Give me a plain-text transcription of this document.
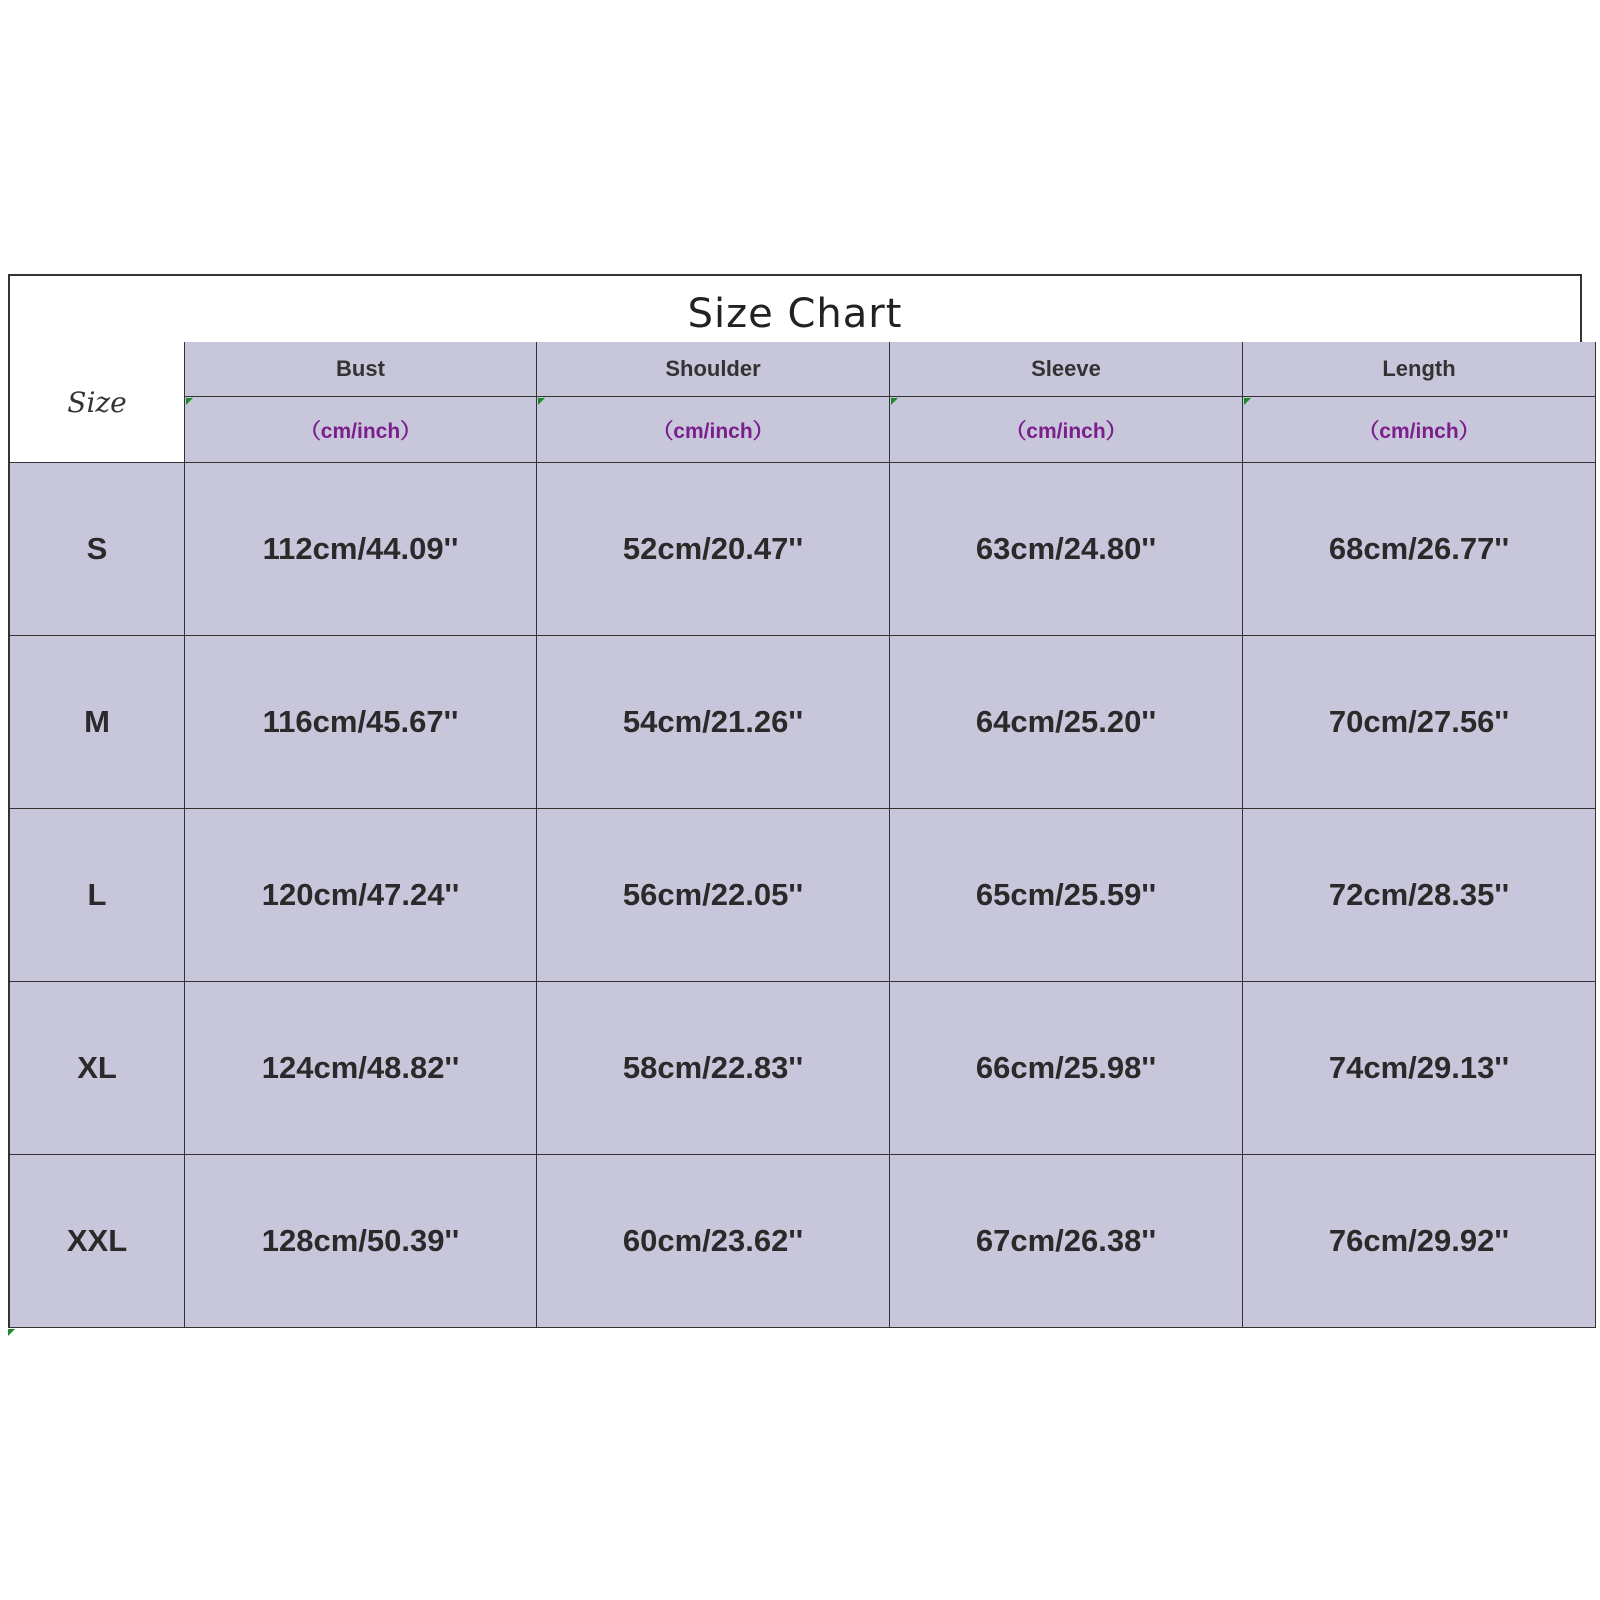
Size Chart
Size
Bust	Shoulder	Sleeve	Length
（cm/inch）	（cm/inch）	（cm/inch）	（cm/inch）
S	112cm/44.09''	52cm/20.47''	63cm/24.80''	68cm/26.77''
M	116cm/45.67''	54cm/21.26''	64cm/25.20''	70cm/27.56''
L	120cm/47.24''	56cm/22.05''	65cm/25.59''	72cm/28.35''
XL	124cm/48.82''	58cm/22.83''	66cm/25.98''	74cm/29.13''
XXL	128cm/50.39''	60cm/23.62''	67cm/26.38''	76cm/29.92''
